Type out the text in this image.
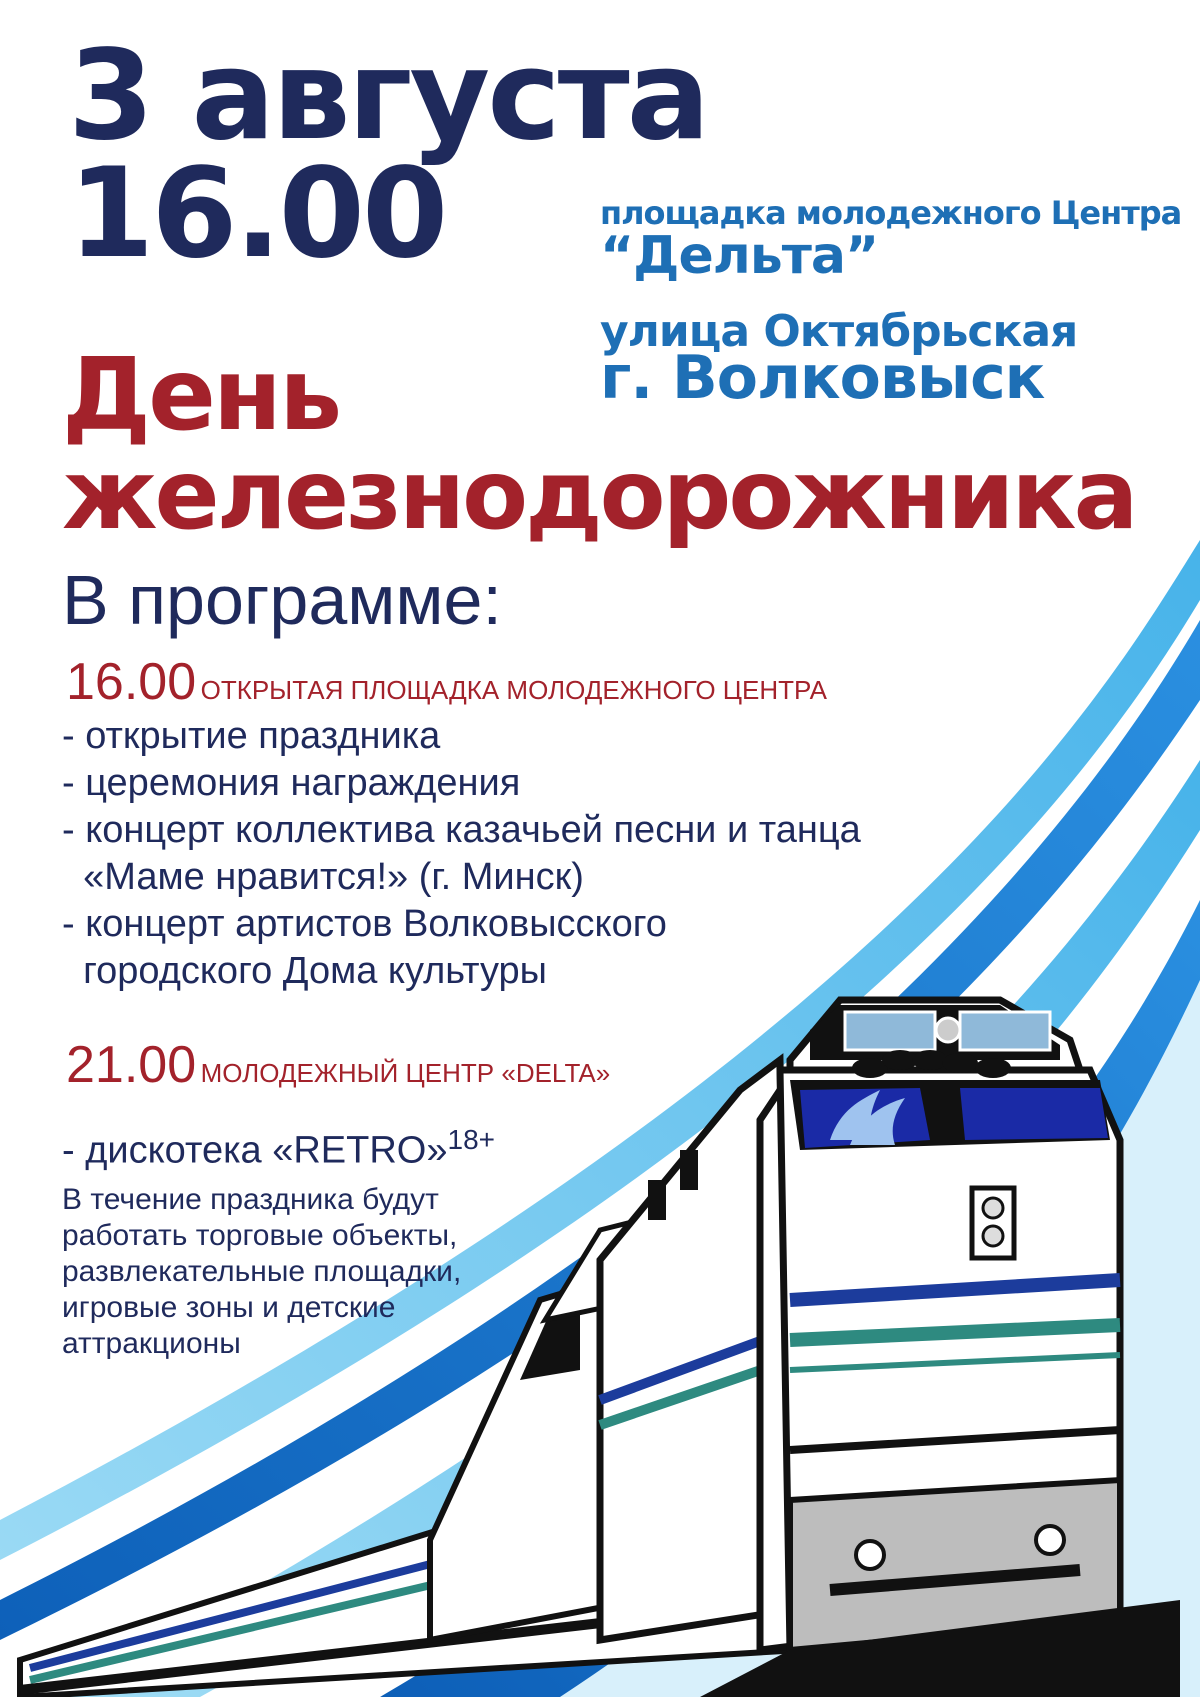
3 августа
16.00	площадка молодежного Центра
“Дельта”
улица Октябрьская
г. Волковыск
День
железнодорожника
В программе:
16.00 ОТКРЫТАЯ ПЛОЩАДКА МОЛОДЕЖНОГО ЦЕНТРА
- открытие праздника
- церемония награждения
- концерт коллектива казачьей песни и танца
«Маме нравится!» (г. Минск)
- концерт артистов Волковысского
городского Дома культуры
21.00 МОЛОДЕЖНЫЙ ЦЕНТР «DELTA»
- дискотека «RETRO»$^{18+}$
В течение праздника будут
работать торговые объекты,
развлекательные площадки,
игровые зоны и детские
аттракционы
